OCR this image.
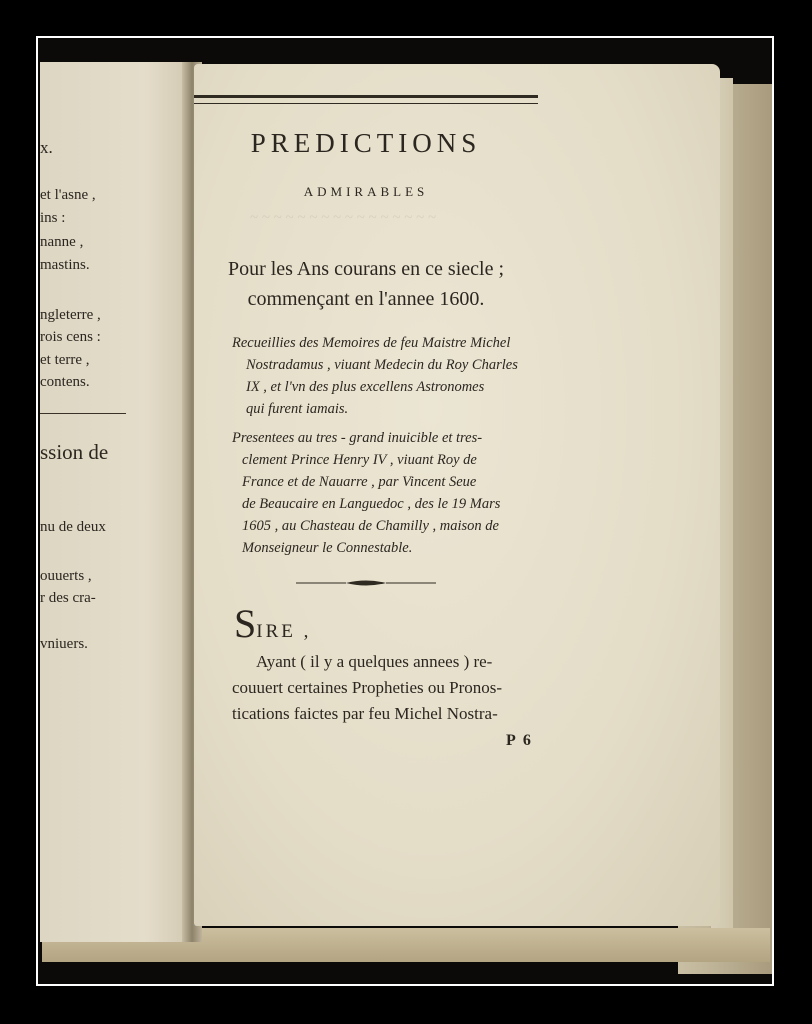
x.
et l'asne ,
ins :
nanne ,
mastins.
ngleterre ,
rois cens :
et terre ,
contens.
ssion de
nu de deux
ouuerts ,
r des cra-
vniuers.
~ ~ ~ ~ ~ ~ ~ ~ ~ ~ ~ ~ ~ ~ ~ ~
PREDICTIONS
ADMIRABLES
Pour les Ans courans en ce siecle ;
commençant en l'annee 1600.
Recueillies des Memoires de feu Maistre Michel
Nostradamus , viuant Medecin du Roy Charles
IX , et l'vn des plus excellens Astronomes
qui furent iamais.
Presentees au tres - grand inuicible et tres-
clement Prince Henry IV , viuant Roy de
France et de Nauarre , par Vincent Seue
de Beaucaire en Languedoc , des le 19 Mars
1605 , au Chasteau de Chamilly , maison de
Monseigneur le Connestable.
SIRE ,
Ayant ( il y a quelques annees ) re-
couuert certaines Propheties ou Pronos-
tications faictes par feu Michel Nostra-
P 6
